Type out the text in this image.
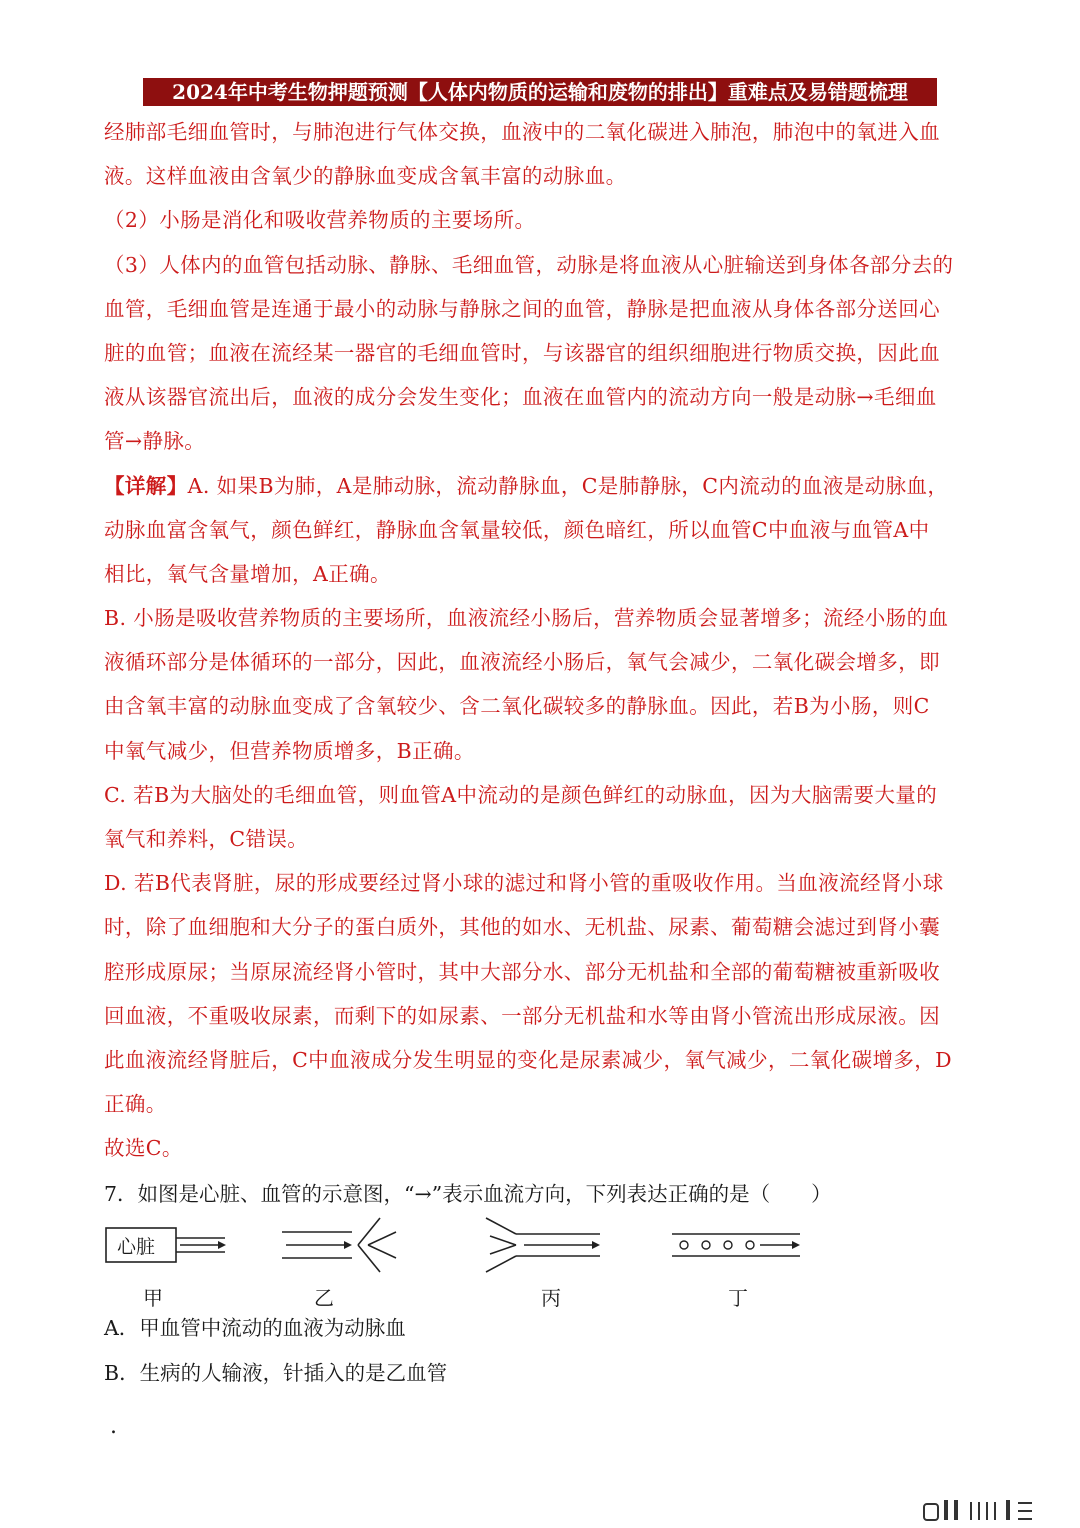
2024年中考生物押题预测【人体内物质的运输和废物的排出】重难点及易错题梳理
经肺部毛细血管时，与肺泡进行气体交换，血液中的二氧化碳进入肺泡，肺泡中的氧进入血
液。这样血液由含氧少的静脉血变成含氧丰富的动脉血。
（2）小肠是消化和吸收营养物质的主要场所。
（3）人体内的血管包括动脉、静脉、毛细血管，动脉是将血液从心脏输送到身体各部分去的
血管，毛细血管是连通于最小的动脉与静脉之间的血管，静脉是把血液从身体各部分送回心
脏的血管；血液在流经某一器官的毛细血管时，与该器官的组织细胞进行物质交换，因此血
液从该器官流出后，血液的成分会发生变化；血液在血管内的流动方向一般是动脉→毛细血
管→静脉。
【详解】A. 如果B为肺，A是肺动脉，流动静脉血，C是肺静脉，C内流动的血液是动脉血，
动脉血富含氧气，颜色鲜红，静脉血含氧量较低，颜色暗红，所以血管C中血液与血管A中
相比，氧气含量增加，A正确。
B. 小肠是吸收营养物质的主要场所，血液流经小肠后，营养物质会显著增多；流经小肠的血
液循环部分是体循环的一部分，因此，血液流经小肠后，氧气会减少，二氧化碳会增多，即
由含氧丰富的动脉血变成了含氧较少、含二氧化碳较多的静脉血。因此，若B为小肠，则C
中氧气减少，但营养物质增多，B正确。
C. 若B为大脑处的毛细血管，则血管A中流动的是颜色鲜红的动脉血，因为大脑需要大量的
氧气和养料，C错误。
D. 若B代表肾脏，尿的形成要经过肾小球的滤过和肾小管的重吸收作用。当血液流经肾小球
时，除了血细胞和大分子的蛋白质外，其他的如水、无机盐、尿素、葡萄糖会滤过到肾小囊
腔形成原尿；当原尿流经肾小管时，其中大部分水、部分无机盐和全部的葡萄糖被重新吸收
回血液，不重吸收尿素，而剩下的如尿素、一部分无机盐和水等由肾小管流出形成尿液。因
此血液流经肾脏后，C中血液成分发生明显的变化是尿素减少，氧气减少，二氧化碳增多，D
正确。
故选C。
7．如图是心脏、血管的示意图，“→”表示血流方向，下列表达正确的是（　　）
心脏
甲	乙	丙	丁
A．甲血管中流动的血液为动脉血
B．生病的人输液，针插入的是乙血管
.
